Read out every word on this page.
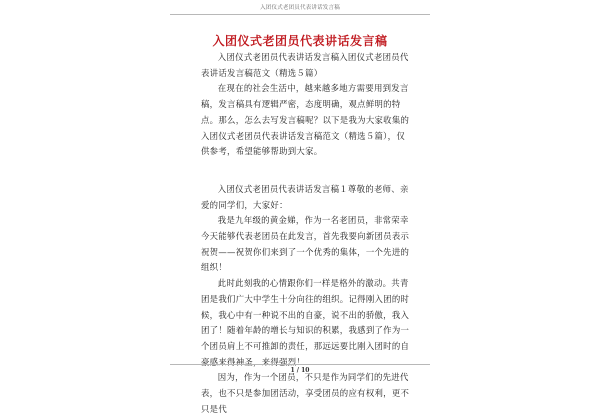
入团仪式老团员代表讲话发言稿
入团仪式老团员代表讲话发言稿

入团仪式老团员代表讲话发言稿入团仪式老团员代表讲话发言稿范文（精选５篇）

在现在的社会生活中，越来越多地方需要用到发言稿，发言稿具有逻辑严密，态度明确，观点鲜明的特点。那么，怎么去写发言稿呢？以下是我为大家收集的入团仪式老团员代表讲话发言稿范文（精选５篇），仅供参考，希望能够帮助到大家。

入团仪式老团员代表讲话发言稿１尊敬的老师、亲爱的同学们，大家好：

我是九年级的黄金娣，作为一名老团员，非常荣幸今天能够代表老团员在此发言，首先我要向新团员表示祝贺——祝贺你们来到了一个优秀的集体，一个先进的组织！

此时此刻我的心情跟你们一样是格外的激动。共青团是我们广大中学生十分向往的组织。记得刚入团的时候，我心中有一种说不出的自豪，说不出的骄傲，我入团了！随着年龄的增长与知识的积累，我感到了作为一个团员肩上不可推卸的责任，那远远要比刚入团时的自豪感来得神圣，来得强烈！

因为，作为一个团员，不只是作为同学们的先进代表，也不只是参加团活动，享受团员的应有权利，更不只是代

1 / 10
